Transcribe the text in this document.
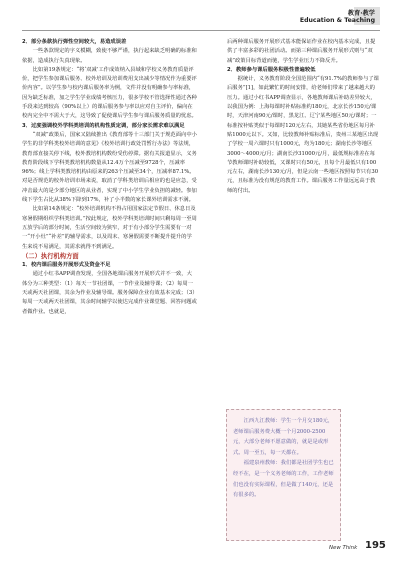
教育·教学
Education & Teaching

2．部分条款执行弹性空间较大，易造成误差

一些条款规定的字义模糊，致使不够严谨，执行起来缺乏明确的标准和依据，造成执行失真现象。

比如第19条规定：“将‘双减’工作成效纳入县域和学校义务教育质量评价，把学生参加课后服务、校外培训及培训费用支出减少等情况作为重要评价内容”。以学生参与校内课后服务率为例，文件并没有明确参与率标准，因为缺乏标准，加之学生学业成绩考核压力，很多学校不管选择性通过各种手段来达到较高（90%以上）的课后服务参与率以应对自主评价，偏向在校内完全中不需大于大，这导致了促使课后学生参与课后服务质量的忧虑。

3．过度强调校外学科类培训的机构性质定调，部分家长需求难以满足

“双减”政策后，国家又陆续推出《教育部等十三部门关于规范面向中小学生的非学科类校外培训的意见》《校外培训行政处罚暂行办法》等法规，教育部直接关停下线，校外教培机构数纷受伤停滞。据有关报道显示，义务教育阶段线下学科类教培机构数量从12.4万个压减至9728个，压减率96%；线上学科类教培机构由原来的263个压减至34个，压减率87.1%。对是否规范的校外培训市场来说，取消了学科类培训后相应的也是应急，受冲击最大的是少部分地区的从业者，实现了中小学生学业负担的减轻。参加线下学生占比从38%下降到17%，补了小半数的家长课外培训需求不满。

比如第14条规定：“校外培训机构不得占用国家法定节假日、休息日及寒暑假期组织学科类培训。”按此规定，校外学科类培训时间只剩每周一至周五放学后的部分时间，生活空间较为狭窄，对于有小部分学生需要有一对一“开小灶”“补差”的辅导需求，以及周末、寒暑假需要不断提升提升的学生来说不易满足，其需求就得不到满足。

（二）执行机构方面

1．校内课后服务开展形式及资金不足

通过小红书APP调查发现，全国各地课后服务开展形式并不一致，大体分为三种类型：（1）每天一节社团课，一节作业及辅导课；（2）每周一天或两天社团课，其余为作业及辅导课。服务保障企业有效基本完成；（3）每周一天或两天社团课，其余时间辅学以使达完成作业课堂题、回答问题或者做作业。也就是，

后两种课后服务开展形式基本能保证作业在校内基本完成，且提供了丰富多彩的社团活动。而第三种课后服务开展形式则与“双减”政策目标背道而驰，学生学业压力不降反升。

2．教师参与课后服务积极性普遍较低

据统计，义务教育阶段全国范围内“有91.7%的教师参与了课后服务”[1]，如此繁忙的时间安排，给老师们带来了越来越大的压力。通过小红书APP调查显示，各地教师课后补助差异较大，以我国为例：上海每课时补贴标准约180元，北京长沙150元/课时，天津河南90元/课时，黑龙江、辽宁某些地区50元/课时；一标准按补贴类似于每课时120元左右，其她某些省份地区每月补贴1000元以下。又如，比较教师补贴标准后，贵州三某地区出现了学校一周六课时只有1000元，均为180元；湖南长沙等地区3000～4000元/月；湖南长沙31000元/月，最低规标准差在每节教师课时补助较低，又课时只有50元，且每个月最低只有100元左右，湖南长沙130元/月，但是云南一些地区按照每节只有30元，且标准为没有规范的教育工作。课后服务工作量远远高于教师的付出。

江西九江教师：学生一个月交180元，老师课后服务费大概一个月2000-2500元，大部分老师不愿意做的，就是是或形式。周一至五，每一天都在。

福建泉州教师：我们都是社团学生也已经不在，是一个义务老师的工作，工作老师们也没有实际课程，但是做了140元，还是有很多的。

New Think 195
